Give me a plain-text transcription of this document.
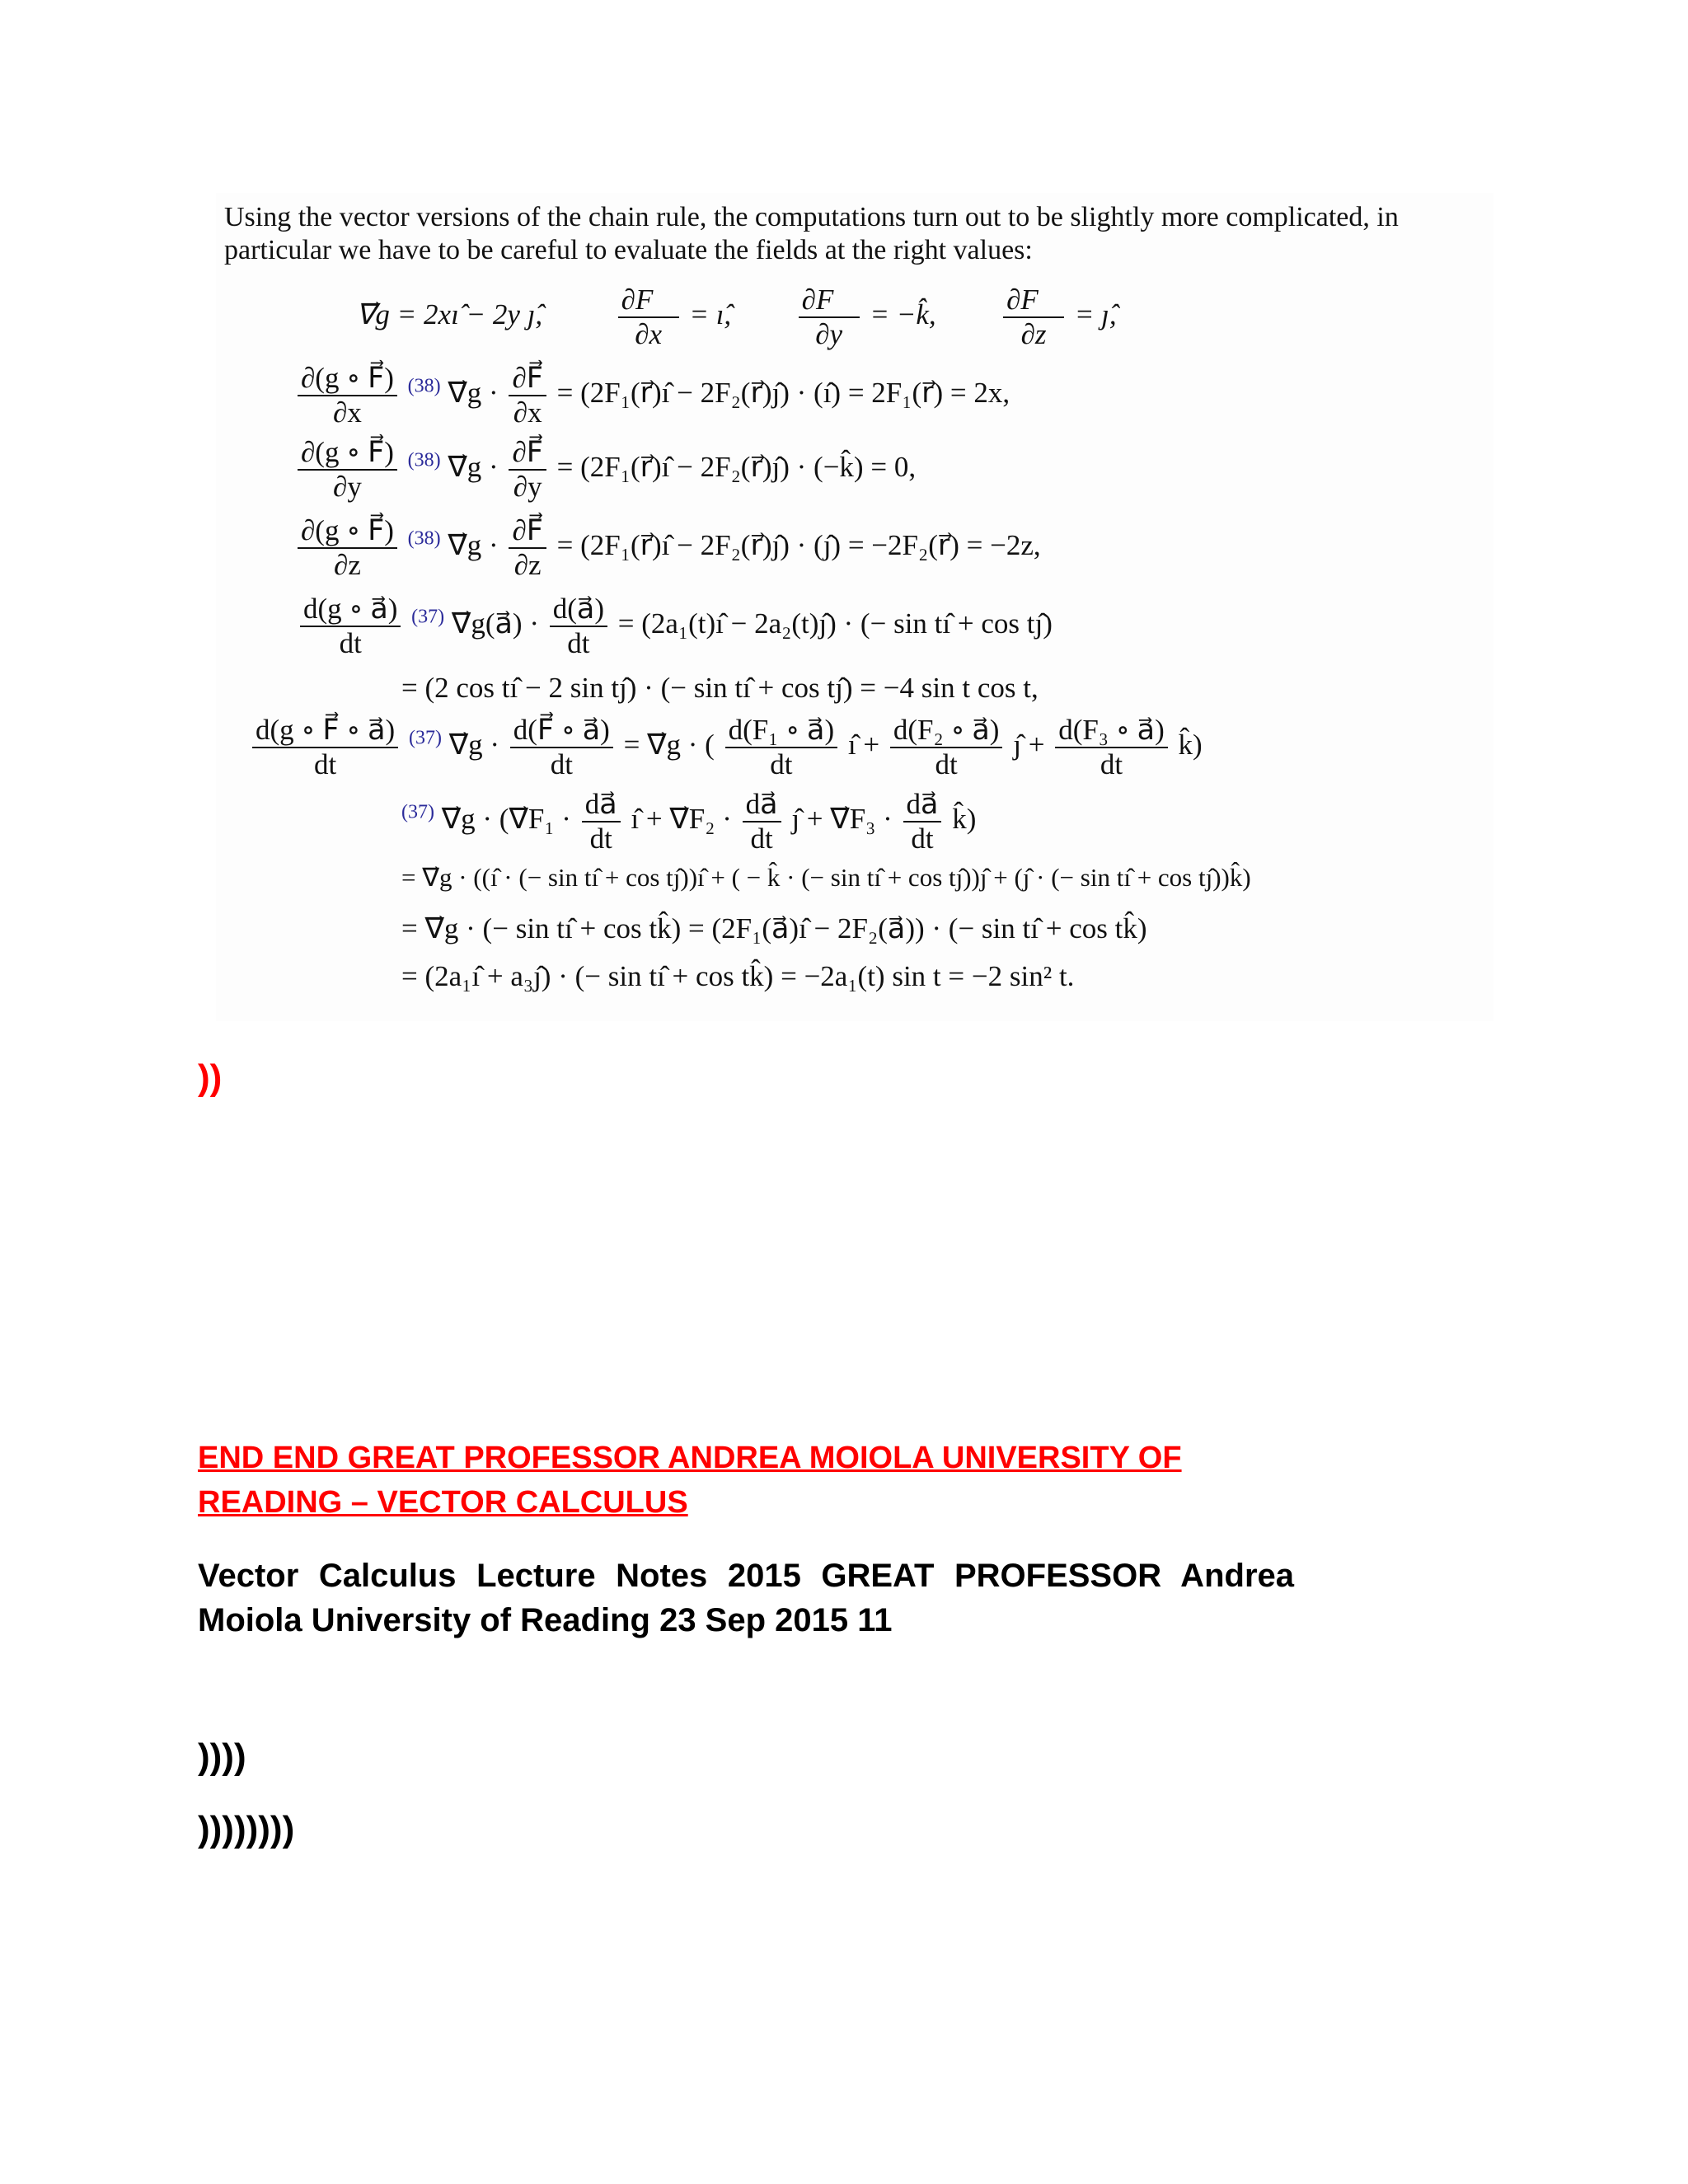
Using the vector versions of the chain rule, the computations turn out to be slightly more complicated, in particular we have to be careful to evaluate the fields at the right values:
∇⃗g = 2xı̂ − 2y ȷ̂,	$\frac{\partial F⃗}{\partial x}$ = ı̂, $\frac{\partial F⃗}{\partial y}$ = −k̂, $\frac{\partial F⃗}{\partial z}$ = ȷ̂,
$\frac{\partial(g \circ F⃗)}{\partial x} ^{(38)}$ ∇⃗g · $\frac{\partial F⃗}{\partial x}$ = (2F₁(r⃗)ı̂ − 2F₂(r⃗)ȷ̂) · (ı̂) = 2F₁(r⃗) = 2x,
$\frac{\partial(g \circ F⃗)}{\partial y} ^{(38)}$ ∇⃗g · $\frac{\partial F⃗}{\partial y}$ = (2F₁(r⃗)ı̂ − 2F₂(r⃗)ȷ̂) · (−k̂) = 0,
$\frac{\partial(g \circ F⃗)}{\partial z} ^{(38)}$ ∇⃗g · $\frac{\partial F⃗}{\partial z}$ = (2F₁(r⃗)ı̂ − 2F₂(r⃗)ȷ̂) · (ȷ̂) = −2F₂(r⃗) = −2z,
$\frac{d(g \circ a⃗)}{dt} ^{(37)}$ ∇⃗g(a⃗) · $\frac{d(a⃗)}{dt}$ = (2a₁(t)ı̂ − 2a₂(t)ȷ̂) · (− sin tı̂ + cos tȷ̂)
= (2 cos tı̂ − 2 sin tȷ̂) · (− sin tı̂ + cos tȷ̂) = −4 sin t cos t,
$\frac{d(g \circ F⃗ \circ a⃗)}{dt} ^{(37)}$ ∇⃗g · $\frac{d(F⃗ \circ a⃗)}{dt}$ = ∇⃗g · ( $\frac{\text{d(F₁ ∘ a⃗)}}{dt}$ ı̂ + $\frac{\text{d(F₂ ∘ a⃗)}}{dt}$ ȷ̂ + $\frac{\text{d(F₃ ∘ a⃗)}}{dt}$ k̂)
$^{(37)}$ ∇⃗g · (∇⃗F₁ · $\frac{da⃗}{dt}$ ı̂ + ∇⃗F₂ · $\frac{da⃗}{dt}$ ȷ̂ + ∇⃗F₃ · $\frac{da⃗}{dt}$ k̂)
= ∇⃗g · ((ı̂ · (− sin tı̂ + cos tȷ̂))ı̂ + ( − k̂ · (− sin tı̂ + cos tȷ̂))ȷ̂ + (ȷ̂ · (− sin tı̂ + cos tȷ̂))k̂)
= ∇⃗g · (− sin tı̂ + cos tk̂) = (2F₁(a⃗)ı̂ − 2F₂(a⃗)) · (− sin tı̂ + cos tk̂)
= (2a₁ı̂ + a₃ȷ̂) · (− sin tı̂ + cos tk̂) = −2a₁(t) sin t = −2 sin² t.
))
END END GREAT PROFESSOR ANDREA MOIOLA UNIVERSITY OF READING – VECTOR CALCULUS
Vector Calculus Lecture Notes 2015 GREAT PROFESSOR Andrea Moiola University of Reading 23 Sep 2015 11
))))
))))))))
